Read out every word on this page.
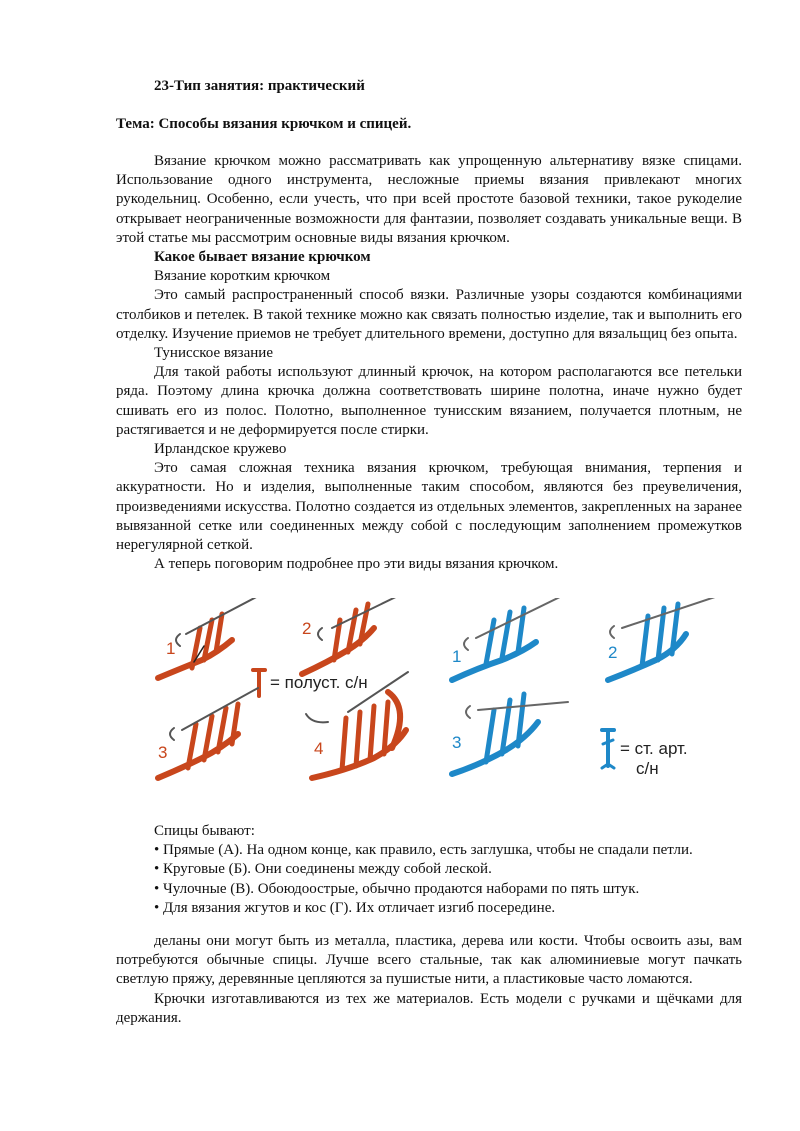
23-Тип занятия: практический
Тема: Способы вязания крючком и спицей.

Вязание крючком можно рассматривать как упрощенную альтернативу вязке спицами. Использование одного инструмента, несложные приемы вязания привлекают многих рукодельниц. Особенно, если учесть, что при всей простоте базовой техники, такое рукоделие открывает неограниченные возможности для фантазии, позволяет создавать уникальные вещи. В этой статье мы рассмотрим основные виды вязания крючком.

Какое бывает вязание крючком

Вязание коротким крючком

Это самый распространенный способ вязки. Различные узоры создаются комбинациями столбиков и петелек. В такой технике можно как связать полностью изделие, так и выполнить его отделку. Изучение приемов не требует длительного времени, доступно для вязальщиц без опыта.

Тунисское вязание

Для такой работы используют длинный крючок, на котором располагаются все петельки ряда. Поэтому длина крючка должна соответствовать ширине полотна, иначе нужно будет сшивать его из полос. Полотно, выполненное тунисским вязанием, получается плотным, не растягивается и не деформируется после стирки.

Ирландское кружево

Это самая сложная техника вязания крючком, требующая внимания, терпения и аккуратности. Но и изделия, выполненные таким способом, являются без преувеличения, произведениями искусства. Полотно создается из отдельных элементов, закрепленных на заранее вывязанной сетке или соединенных между собой с последующим заполнением промежутков нерегулярной сеткой.

А теперь поговорим подробнее про эти виды вязания крючком.

1
2
3	4
= полуст. с/н
1	2
3	= ст. арт.
с/н

Спицы бывают:

• Прямые (А). На одном конце, как правило, есть заглушка, чтобы не спадали петли.

• Круговые (Б). Они соединены между собой леской.

• Чулочные (В). Обоюдоострые, обычно продаются наборами по пять штук.

• Для вязания жгутов и кос (Г). Их отличает изгиб посередине.

деланы они могут быть из металла, пластика, дерева или кости. Чтобы освоить азы, вам потребуются обычные спицы. Лучше всего стальные, так как алюминиевые могут пачкать светлую пряжу, деревянные цепляются за пушистые нити, а пластиковые часто ломаются.

Крючки изготавливаются из тех же материалов. Есть модели с ручками и щёчками для держания.
